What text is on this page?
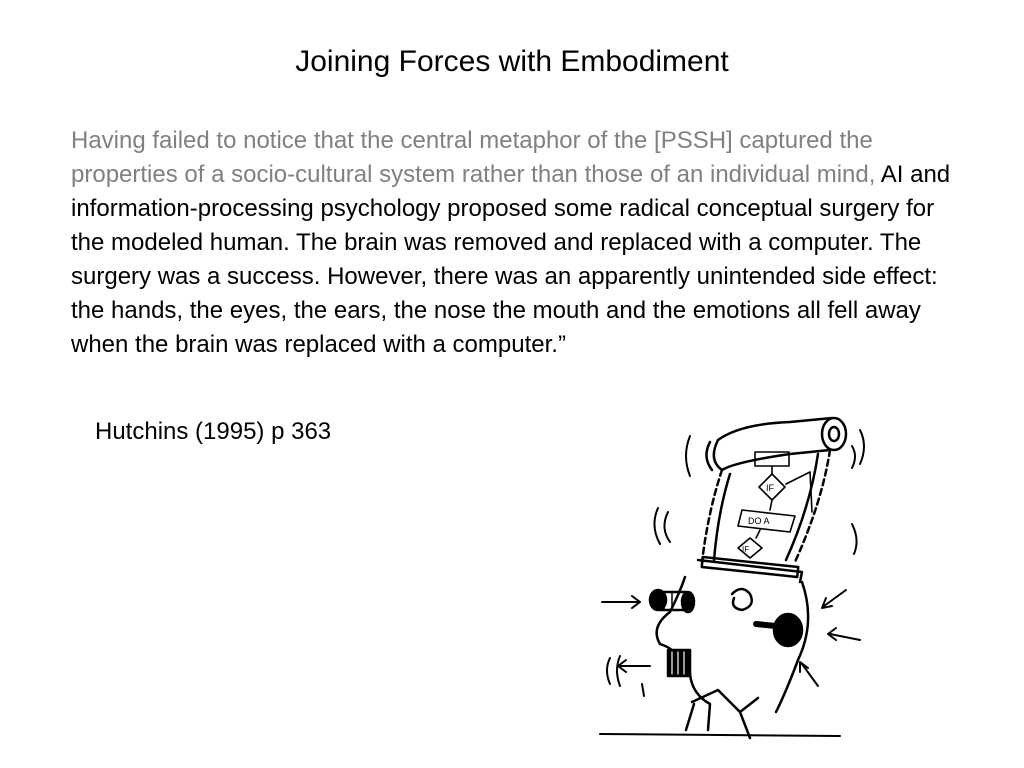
Joining Forces with Embodiment

Having failed to notice that the central metaphor of the [PSSH] captured the properties of a socio-cultural system rather than those of an individual mind, AI and information-processing psychology proposed some radical conceptual surgery for the modeled human. The brain was removed and replaced with a computer. The surgery was a success. However, there was an apparently unintended side effect: the hands, the eyes, the ears, the nose the mouth and the emotions all fell away when the brain was replaced with a computer.”

Hutchins (1995) p 363
IF
DO A
IF
